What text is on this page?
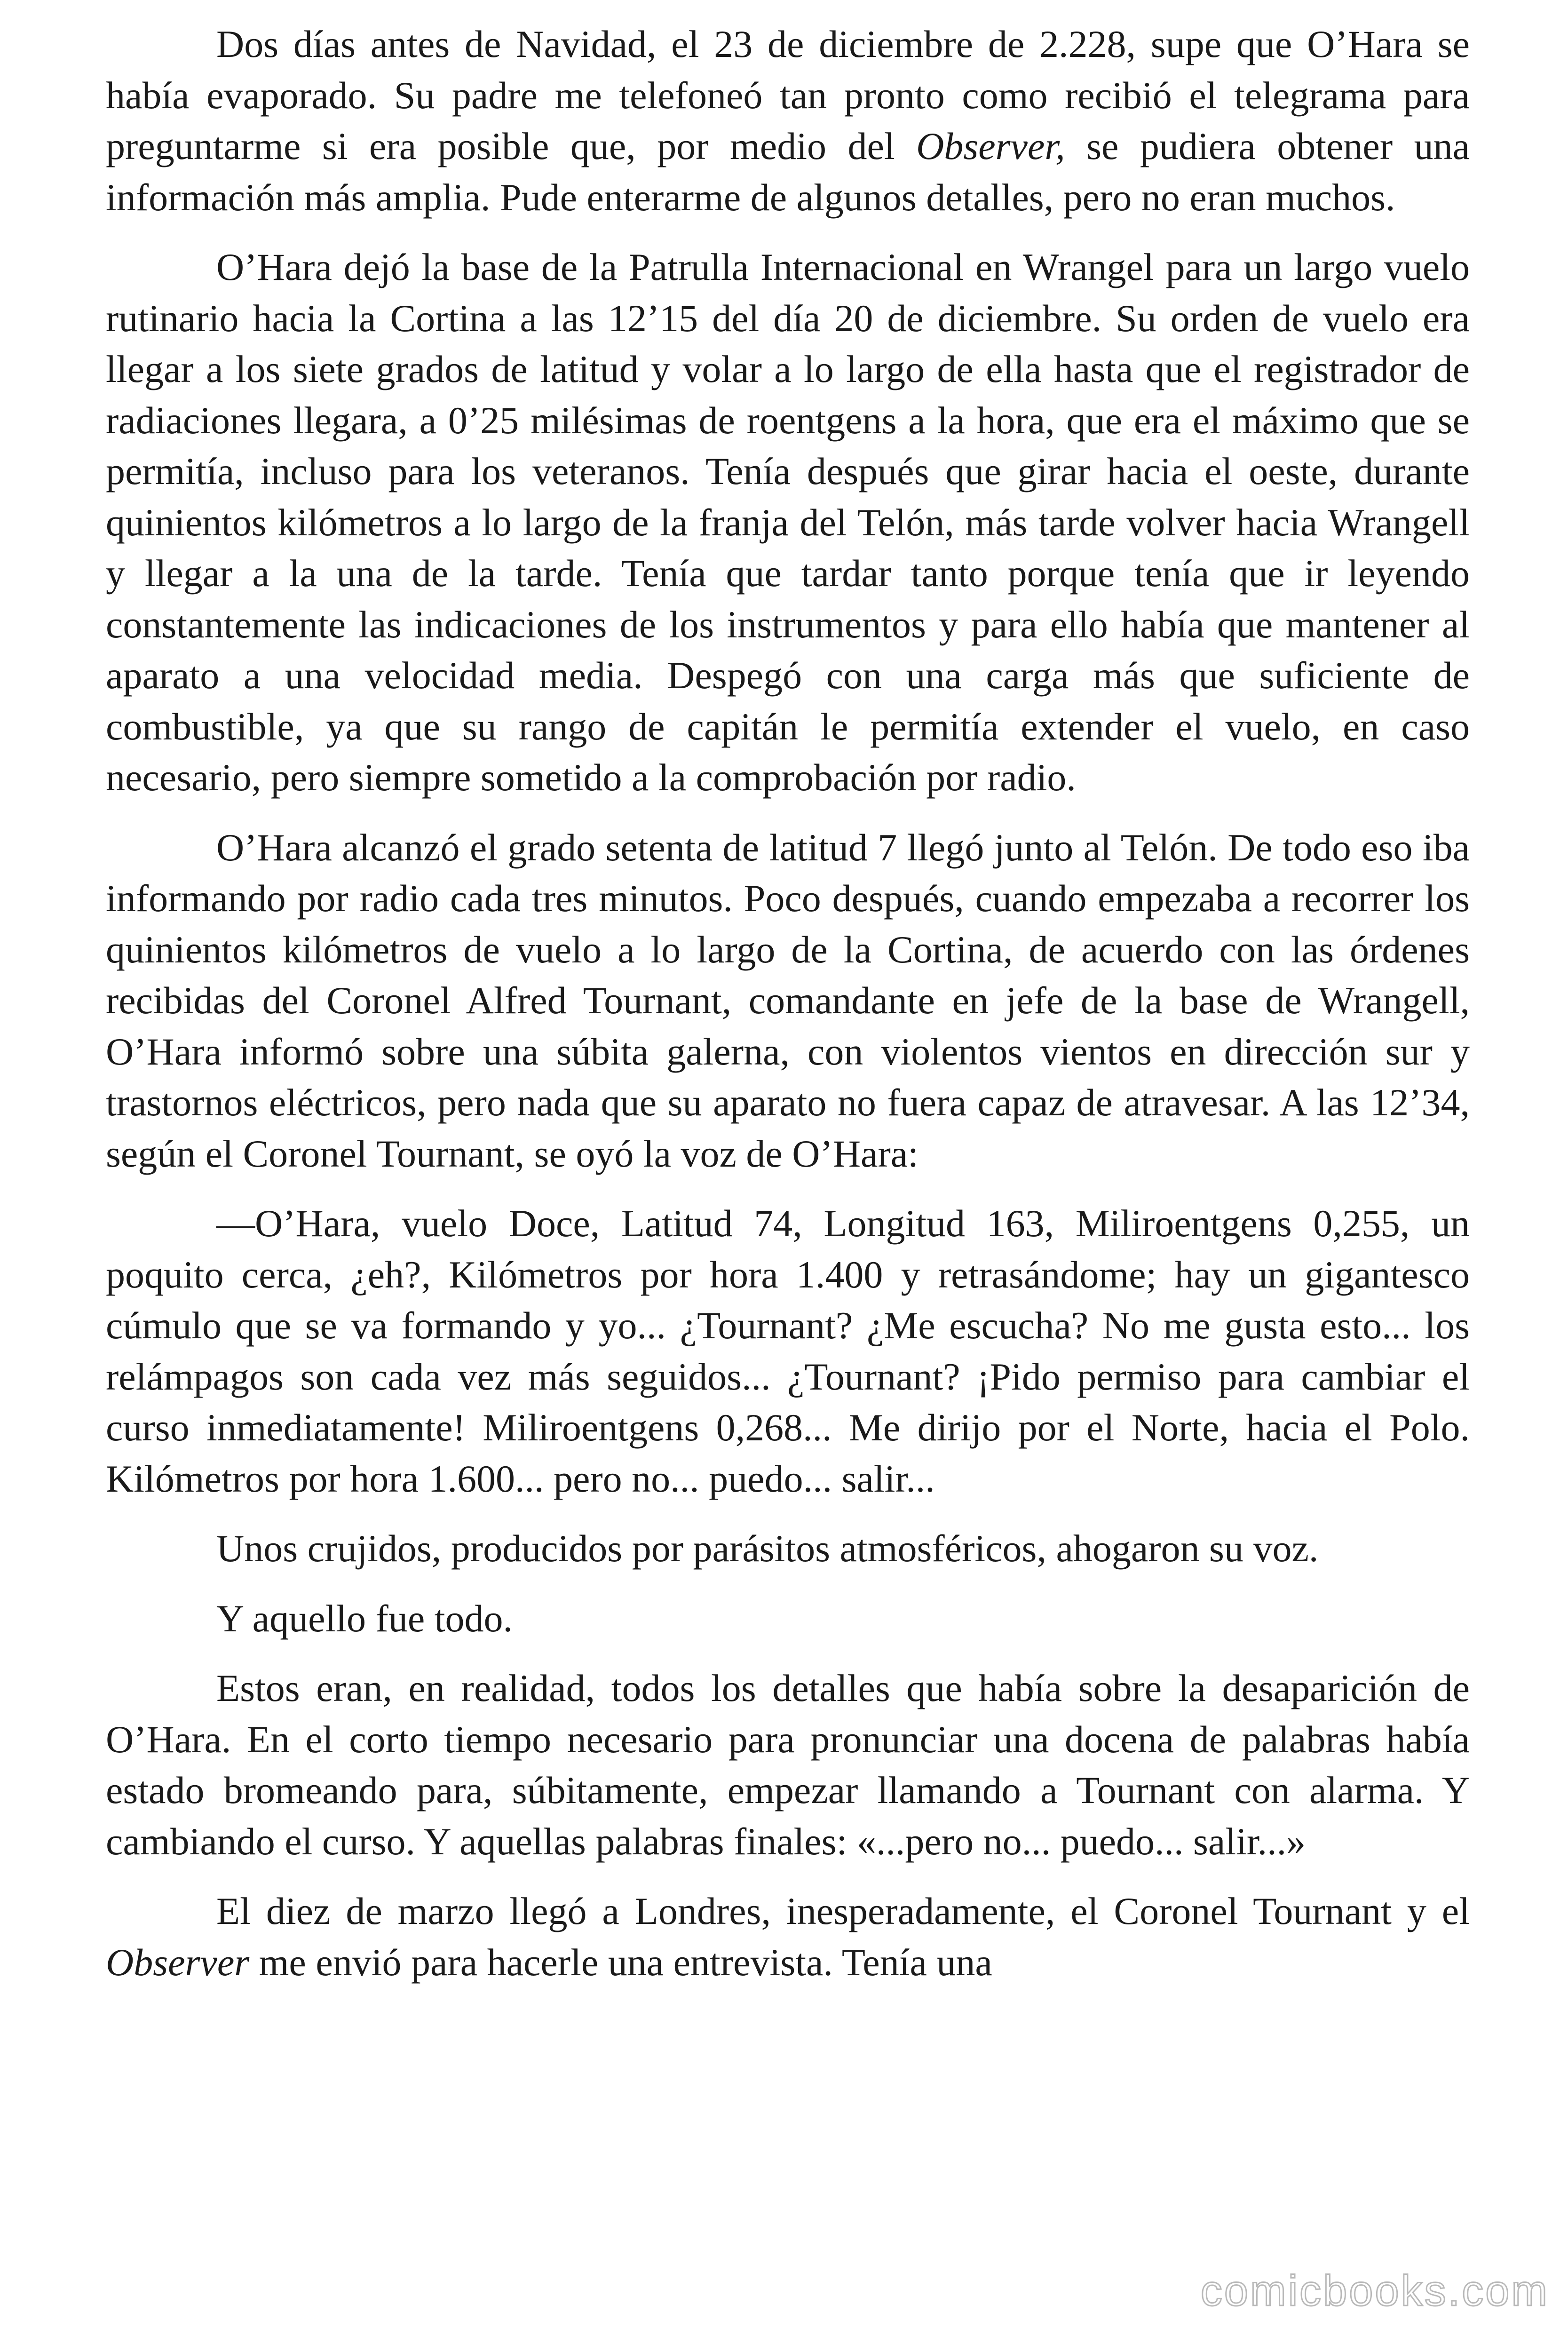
Dos días antes de Navidad, el 23 de diciembre de 2.228, supe que O’Hara se había evaporado. Su padre me telefoneó tan pronto como recibió el telegrama para preguntarme si era posible que, por medio del Observer, se pudiera obtener una información más amplia. Pude enterarme de algunos detalles, pero no eran muchos.

O’Hara dejó la base de la Patrulla Internacional en Wrangel para un largo vuelo rutinario hacia la Cortina a las 12’15 del día 20 de diciembre. Su orden de vuelo era llegar a los siete grados de latitud y volar a lo largo de ella hasta que el registrador de radiaciones llegara, a 0’25 milésimas de roentgens a la hora, que era el máximo que se permitía, incluso para los veteranos. Tenía después que girar hacia el oeste, durante quinientos kilómetros a lo largo de la franja del Telón, más tarde volver hacia Wrangell y llegar a la una de la tarde. Tenía que tardar tanto porque tenía que ir leyendo constantemente las indicaciones de los instrumentos y para ello había que mantener al aparato a una velocidad media. Despegó con una carga más que suficiente de combustible, ya que su rango de capitán le permitía extender el vuelo, en caso necesario, pero siempre sometido a la comprobación por radio.

O’Hara alcanzó el grado setenta de latitud 7 llegó junto al Telón. De todo eso iba informando por radio cada tres minutos. Poco después, cuando empezaba a recorrer los quinientos kilómetros de vuelo a lo largo de la Cortina, de acuerdo con las órdenes recibidas del Coronel Alfred Tournant, comandante en jefe de la base de Wrangell, O’Hara informó sobre una súbita galerna, con violentos vientos en dirección sur y trastornos eléctricos, pero nada que su aparato no fuera capaz de atravesar. A las 12’34, según el Coronel Tournant, se oyó la voz de O’Hara:

—O’Hara, vuelo Doce, Latitud 74, Longitud 163, Miliroentgens 0,255, un poquito cerca, ¿eh?, Kilómetros por hora 1.400 y retrasándome; hay un gigantesco cúmulo que se va formando y yo... ¿Tournant? ¿Me escucha? No me gusta esto... los relámpagos son cada vez más seguidos... ¿Tournant? ¡Pido permiso para cambiar el curso inmediatamente! Miliroentgens 0,268... Me dirijo por el Norte, hacia el Polo. Kilómetros por hora 1.600... pero no... puedo... salir...

Unos crujidos, producidos por parásitos atmosféricos, ahogaron su voz.

Y aquello fue todo.

Estos eran, en realidad, todos los detalles que había sobre la desaparición de O’Hara. En el corto tiempo necesario para pronunciar una docena de palabras había estado bromeando para, súbitamente, empezar llamando a Tournant con alarma. Y cambiando el curso. Y aquellas palabras finales: «...pero no... puedo... salir...»

El diez de marzo llegó a Londres, inesperadamente, el Coronel Tournant y el Observer me envió para hacerle una entrevista. Tenía una

comicbooks.com
